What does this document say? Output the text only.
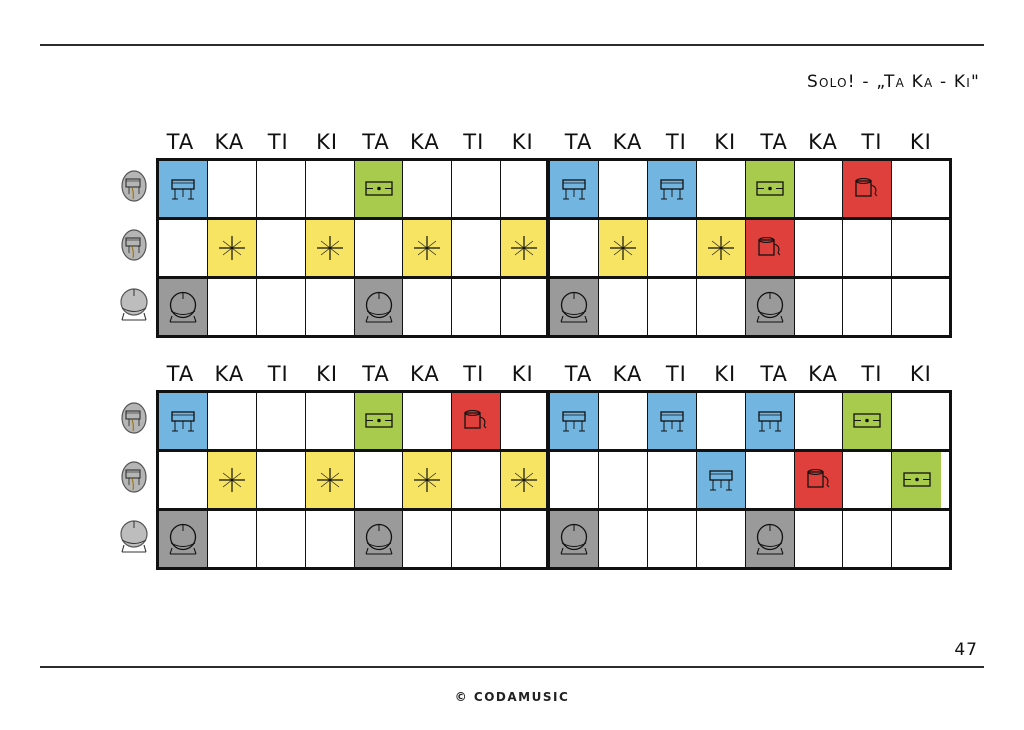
Solo! - „Ta Ka - Ki"
TA KA	TI	KI	TA KA	TI	KI	TA KA	TI	KI	TA KA	TI	KI
TA KA	TI	KI	TA KA	TI	KI	TA KA	TI	KI	TA KA	TI	KI
47
© CODAMUSIC
